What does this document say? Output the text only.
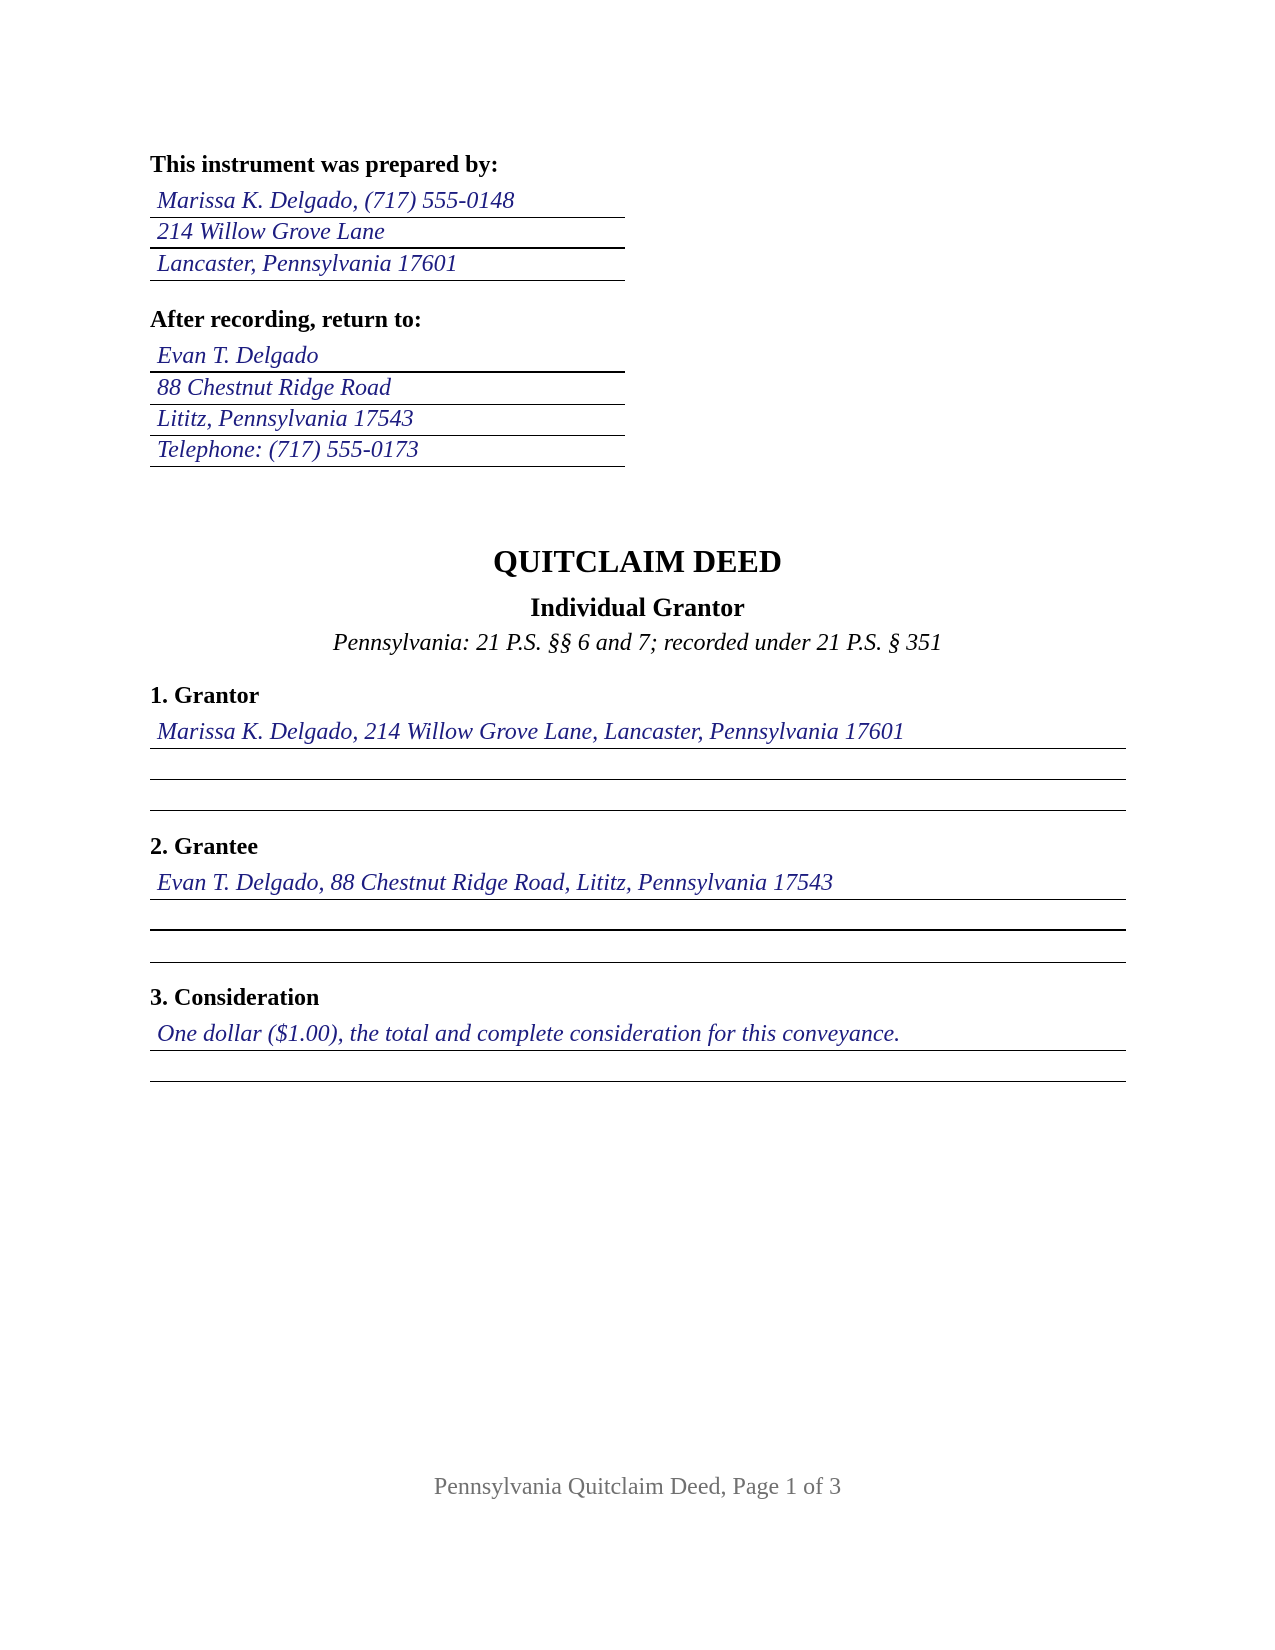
This instrument was prepared by:

Marissa K. Delgado, (717) 555-0148
214 Willow Grove Lane
Lancaster, Pennsylvania 17601

After recording, return to:

Evan T. Delgado
88 Chestnut Ridge Road
Lititz, Pennsylvania 17543
Telephone: (717) 555-0173

QUITCLAIM DEED

Individual Grantor

Pennsylvania: 21 P.S. §§ 6 and 7; recorded under 21 P.S. § 351

1. Grantor

Marissa K. Delgado, 214 Willow Grove Lane, Lancaster, Pennsylvania 17601

2. Grantee

Evan T. Delgado, 88 Chestnut Ridge Road, Lititz, Pennsylvania 17543

3. Consideration

One dollar ($1.00), the total and complete consideration for this conveyance.

Pennsylvania Quitclaim Deed, Page 1 of 3
